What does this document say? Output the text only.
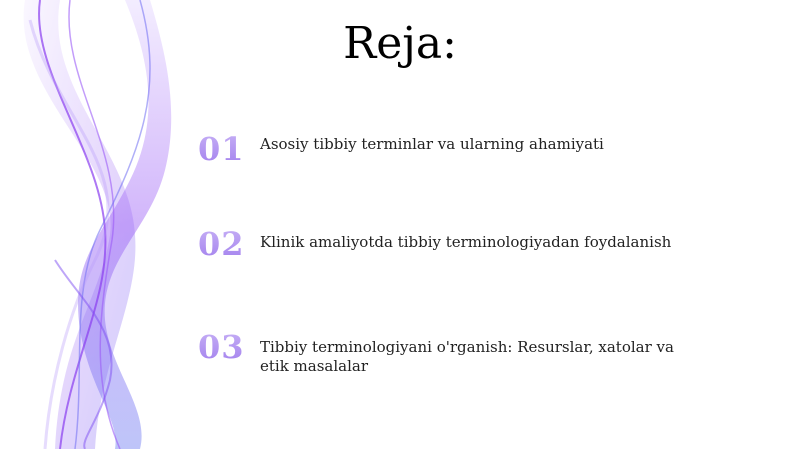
Reja:
01 Asosiy tibbiy terminlar va ularning ahamiyati
02 Klinik amaliyotda tibbiy terminologiyadan foydalanish
03 Tibbiy terminologiyani o'rganish: Resurslar, xatolar va etik masalalar
